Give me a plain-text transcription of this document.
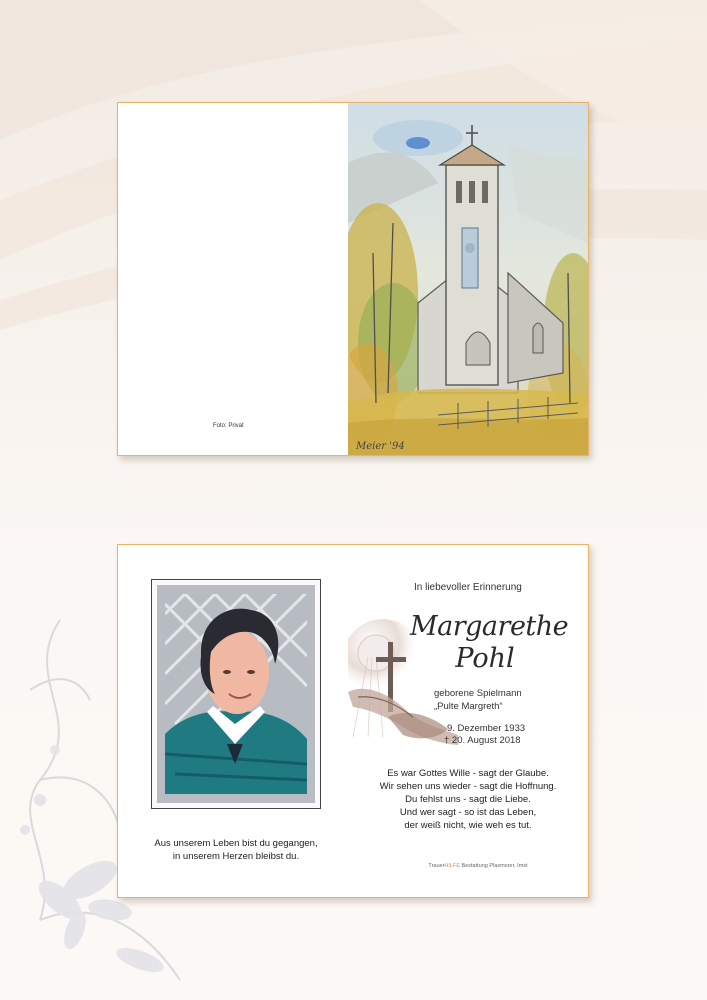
Foto: Privat
Meier '94
Aus unserem Leben bist du gegangen,
in unserem Herzen bleibst du.
In liebevoller Erinnerung
Margarethe
Pohl
geborene Spielmann
„Pulte Margreth“
9. Dezember 1933
† 20. August 2018
Es war Gottes Wille - sagt der Glaube.
Wir sehen uns wieder - sagt die Hoffnung.
Du fehlst uns - sagt die Liebe.
Und wer sagt - so ist das Leben,
der weiß nicht, wie weh es tut.
TrauerHILFE Bestattung Plasmorer, Imst
